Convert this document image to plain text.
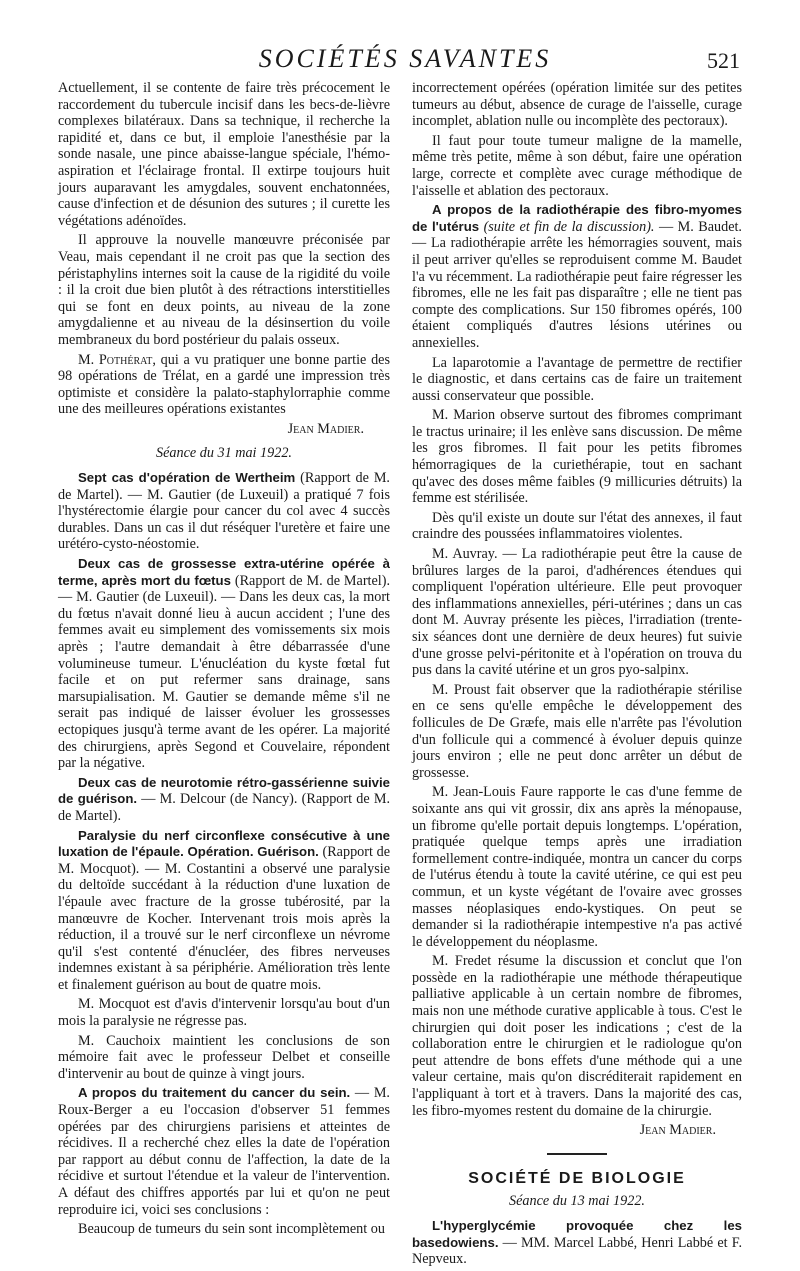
SOCIÉTÉS SAVANTES	521

Actuellement, il se contente de faire très précocement le raccordement du tubercule incisif dans les becs-de-lièvre complexes bilatéraux. Dans sa technique, il recherche la rapidité et, dans ce but, il emploie l'anesthésie par la sonde nasale, une pince abaisse-langue spéciale, l'hémo-aspiration et l'éclairage frontal. Il extirpe toujours huit jours auparavant les amygdales, souvent enchatonnées, cause d'infection et de désunion des sutures ; il curette les végétations adénoïdes.

Il approuve la nouvelle manœuvre préconisée par Veau, mais cependant il ne croit pas que la section des péristaphylins internes soit la cause de la rigidité du voile : il la croit due bien plutôt à des rétractions interstitielles qui se font en deux points, au niveau de la zone amygdalienne et au niveau de la désinsertion du voile membraneux du bord postérieur du palais osseux.

M. Pothérat, qui a vu pratiquer une bonne partie des 98 opérations de Trélat, en a gardé une impression très optimiste et considère la palato-staphylorraphie comme une des meilleures opérations existantes

Jean Madier.

Séance du 31 mai 1922.

Sept cas d'opération de Wertheim (Rapport de M. de Martel). — M. Gautier (de Luxeuil) a pratiqué 7 fois l'hystérectomie élargie pour cancer du col avec 4 succès durables. Dans un cas il dut réséquer l'uretère et faire une urétéro-cysto-néostomie.

Deux cas de grossesse extra-utérine opérée à terme, après mort du fœtus (Rapport de M. de Martel). — M. Gautier (de Luxeuil). — Dans les deux cas, la mort du fœtus n'avait donné lieu à aucun accident ; l'une des femmes avait eu simplement des vomissements six mois après ; l'autre demandait à être débarrassée d'une volumineuse tumeur. L'énucléation du kyste fœtal fut facile et on put refermer sans drainage, sans marsupialisation. M. Gautier se demande même s'il ne serait pas indiqué de laisser évoluer les grossesses ectopiques jusqu'à terme avant de les opérer. La majorité des chirurgiens, après Segond et Couvelaire, répondent par la négative.

Deux cas de neurotomie rétro-gassérienne suivie de guérison. — M. Delcour (de Nancy). (Rapport de M. de Martel).

Paralysie du nerf circonflexe consécutive à une luxation de l'épaule. Opération. Guérison. (Rapport de M. Mocquot). — M. Costantini a observé une paralysie du deltoïde succédant à la réduction d'une luxation de l'épaule avec fracture de la grosse tubérosité, par la manœuvre de Kocher. Intervenant trois mois après la réduction, il a trouvé sur le nerf circonflexe un névrome qu'il s'est contenté d'énucléer, des fibres nerveuses indemnes existant à sa périphérie. Amélioration très lente et finalement guérison au bout de quatre mois.

M. Mocquot est d'avis d'intervenir lorsqu'au bout d'un mois la paralysie ne régresse pas.

M. Cauchoix maintient les conclusions de son mémoire fait avec le professeur Delbet et conseille d'intervenir au bout de quinze à vingt jours.

A propos du traitement du cancer du sein. — M. Roux-Berger a eu l'occasion d'observer 51 femmes opérées par des chirurgiens parisiens et atteintes de récidives. Il a recherché chez elles la date de l'opération par rapport au début connu de l'affection, la date de la récidive et surtout l'étendue et la valeur de l'intervention. A défaut des chiffres apportés par lui et qu'on ne peut reproduire ici, voici ses conclusions :

Beaucoup de tumeurs du sein sont incomplètement ou

incorrectement opérées (opération limitée sur des petites tumeurs au début, absence de curage de l'aisselle, curage incomplet, ablation nulle ou incomplète des pectoraux).

Il faut pour toute tumeur maligne de la mamelle, même très petite, même à son début, faire une opération large, correcte et complète avec curage méthodique de l'aisselle et ablation des pectoraux.

A propos de la radiothérapie des fibro-myomes de l'utérus (suite et fin de la discussion). — M. Baudet. — La radiothérapie arrête les hémorragies souvent, mais il peut arriver qu'elles se reproduisent comme M. Baudet l'a vu récemment. La radiothérapie peut faire régresser les fibromes, elle ne les fait pas disparaître ; elle ne tient pas compte des complications. Sur 150 fibromes opérés, 100 étaient compliqués d'autres lésions utérines ou annexielles.

La laparotomie a l'avantage de permettre de rectifier le diagnostic, et dans certains cas de faire un traitement aussi conservateur que possible.

M. Marion observe surtout des fibromes comprimant le tractus urinaire; il les enlève sans discussion. De même les gros fibromes. Il fait pour les petits fibromes hémorragiques de la curiethérapie, tout en sachant qu'avec des doses même faibles (9 millicuries détruits) la femme est stérilisée.

Dès qu'il existe un doute sur l'état des annexes, il faut craindre des poussées inflammatoires violentes.

M. Auvray. — La radiothérapie peut être la cause de brûlures larges de la paroi, d'adhérences étendues qui compliquent l'opération ultérieure. Elle peut provoquer des inflammations annexielles, péri-utérines ; dans un cas dont M. Auvray présente les pièces, l'irradiation (trente-six séances dont une dernière de deux heures) fut suivie d'une grosse pelvi-péritonite et à l'opération on trouva du pus dans la cavité utérine et un gros pyo-salpinx.

M. Proust fait observer que la radiothérapie stérilise en ce sens qu'elle empêche le développement des follicules de De Græfe, mais elle n'arrête pas l'évolution d'un follicule qui a commencé à évoluer depuis quinze jours environ ; elle ne peut donc arrêter un début de grossesse.

M. Jean-Louis Faure rapporte le cas d'une femme de soixante ans qui vit grossir, dix ans après la ménopause, un fibrome qu'elle portait depuis longtemps. L'opération, pratiquée quelque temps après une irradiation formellement contre-indiquée, montra un cancer du corps de l'utérus étendu à toute la cavité utérine, ce qui est peu commun, et un kyste végétant de l'ovaire avec grosses masses néoplasiques endo-kystiques. On peut se demander si la radiothérapie intempestive n'a pas activé le développement du néoplasme.

M. Fredet résume la discussion et conclut que l'on possède en la radiothérapie une méthode thérapeutique palliative applicable à un certain nombre de fibromes, mais non une méthode curative applicable à tous. C'est le chirurgien qui doit poser les indications ; c'est de la collaboration entre le chirurgien et le radiologue qu'on peut attendre de bons effets d'une méthode qui a une valeur certaine, mais qu'on discréditerait rapidement en l'appliquant à tort et à travers. Dans la majorité des cas, les fibro-myomes restent du domaine de la chirurgie.

Jean Madier.

SOCIÉTÉ DE BIOLOGIE

Séance du 13 mai 1922.

L'hyperglycémie provoquée chez les basedowiens. — MM. Marcel Labbé, Henri Labbé et F. Nepveux.
